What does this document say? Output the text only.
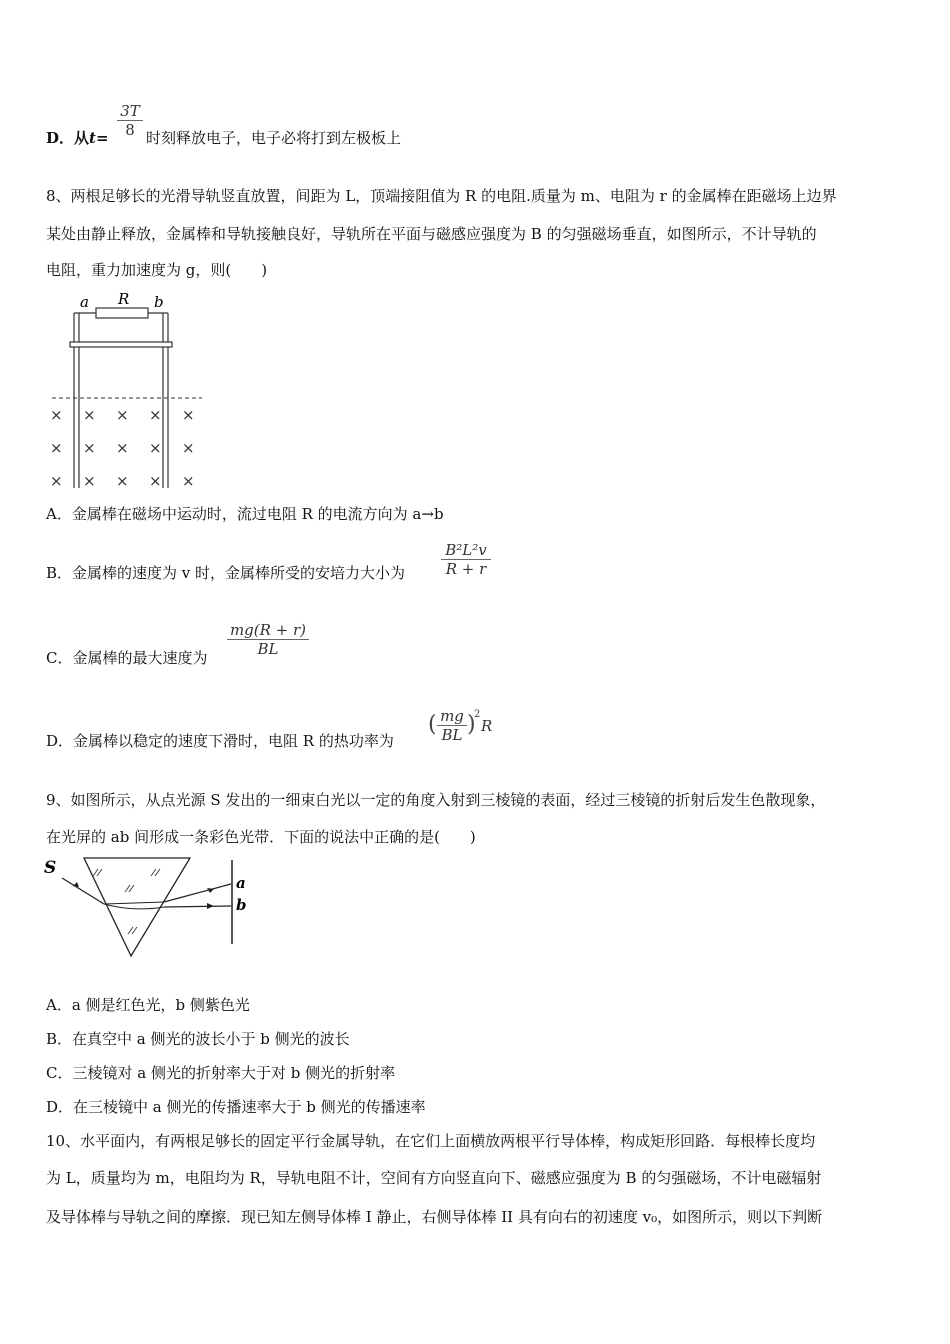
D．从t=
3T
8 时刻释放电子，电子必将打到左极板上
8、两根足够长的光滑导轨竖直放置，间距为 L，顶端接阻值为 R 的电阻.质量为 m、电阻为 r 的金属棒在距磁场上边界
某处由静止释放，金属棒和导轨接触良好，导轨所在平面与磁感应强度为 B 的匀强磁场垂直，如图所示，不计导轨的
电阻，重力加速度为 g，则(　　)
a R b
× × × × ×
× × × × ×
× × × × ×
A．金属棒在磁场中运动时，流过电阻 R 的电流方向为 a→b
B．金属棒的速度为 v 时，金属棒所受的安培力大小为
B²L²v
R + r
C．金属棒的最大速度为
mg(R + r)
BL
D．金属棒以稳定的速度下滑时，电阻 R 的热功率为
( mg
BL )
2
R
9、如图所示，从点光源 S 发出的一细束白光以一定的角度入射到三棱镜的表面，经过三棱镜的折射后发生色散现象，
在光屏的 ab 间形成一条彩色光带．下面的说法中正确的是(　　)
S
a
b
A．a 侧是红色光，b 侧紫色光
B．在真空中 a 侧光的波长小于 b 侧光的波长
C．三棱镜对 a 侧光的折射率大于对 b 侧光的折射率
D．在三棱镜中 a 侧光的传播速率大于 b 侧光的传播速率
10、水平面内，有两根足够长的固定平行金属导轨，在它们上面横放两根平行导体棒，构成矩形回路．每根棒长度均
为 L，质量均为 m，电阻均为 R，导轨电阻不计，空间有方向竖直向下、磁感应强度为 B 的匀强磁场，不计电磁辐射
及导体棒与导轨之间的摩擦．现已知左侧导体棒 I 静止，右侧导体棒 II 具有向右的初速度 v₀，如图所示，则以下判断
